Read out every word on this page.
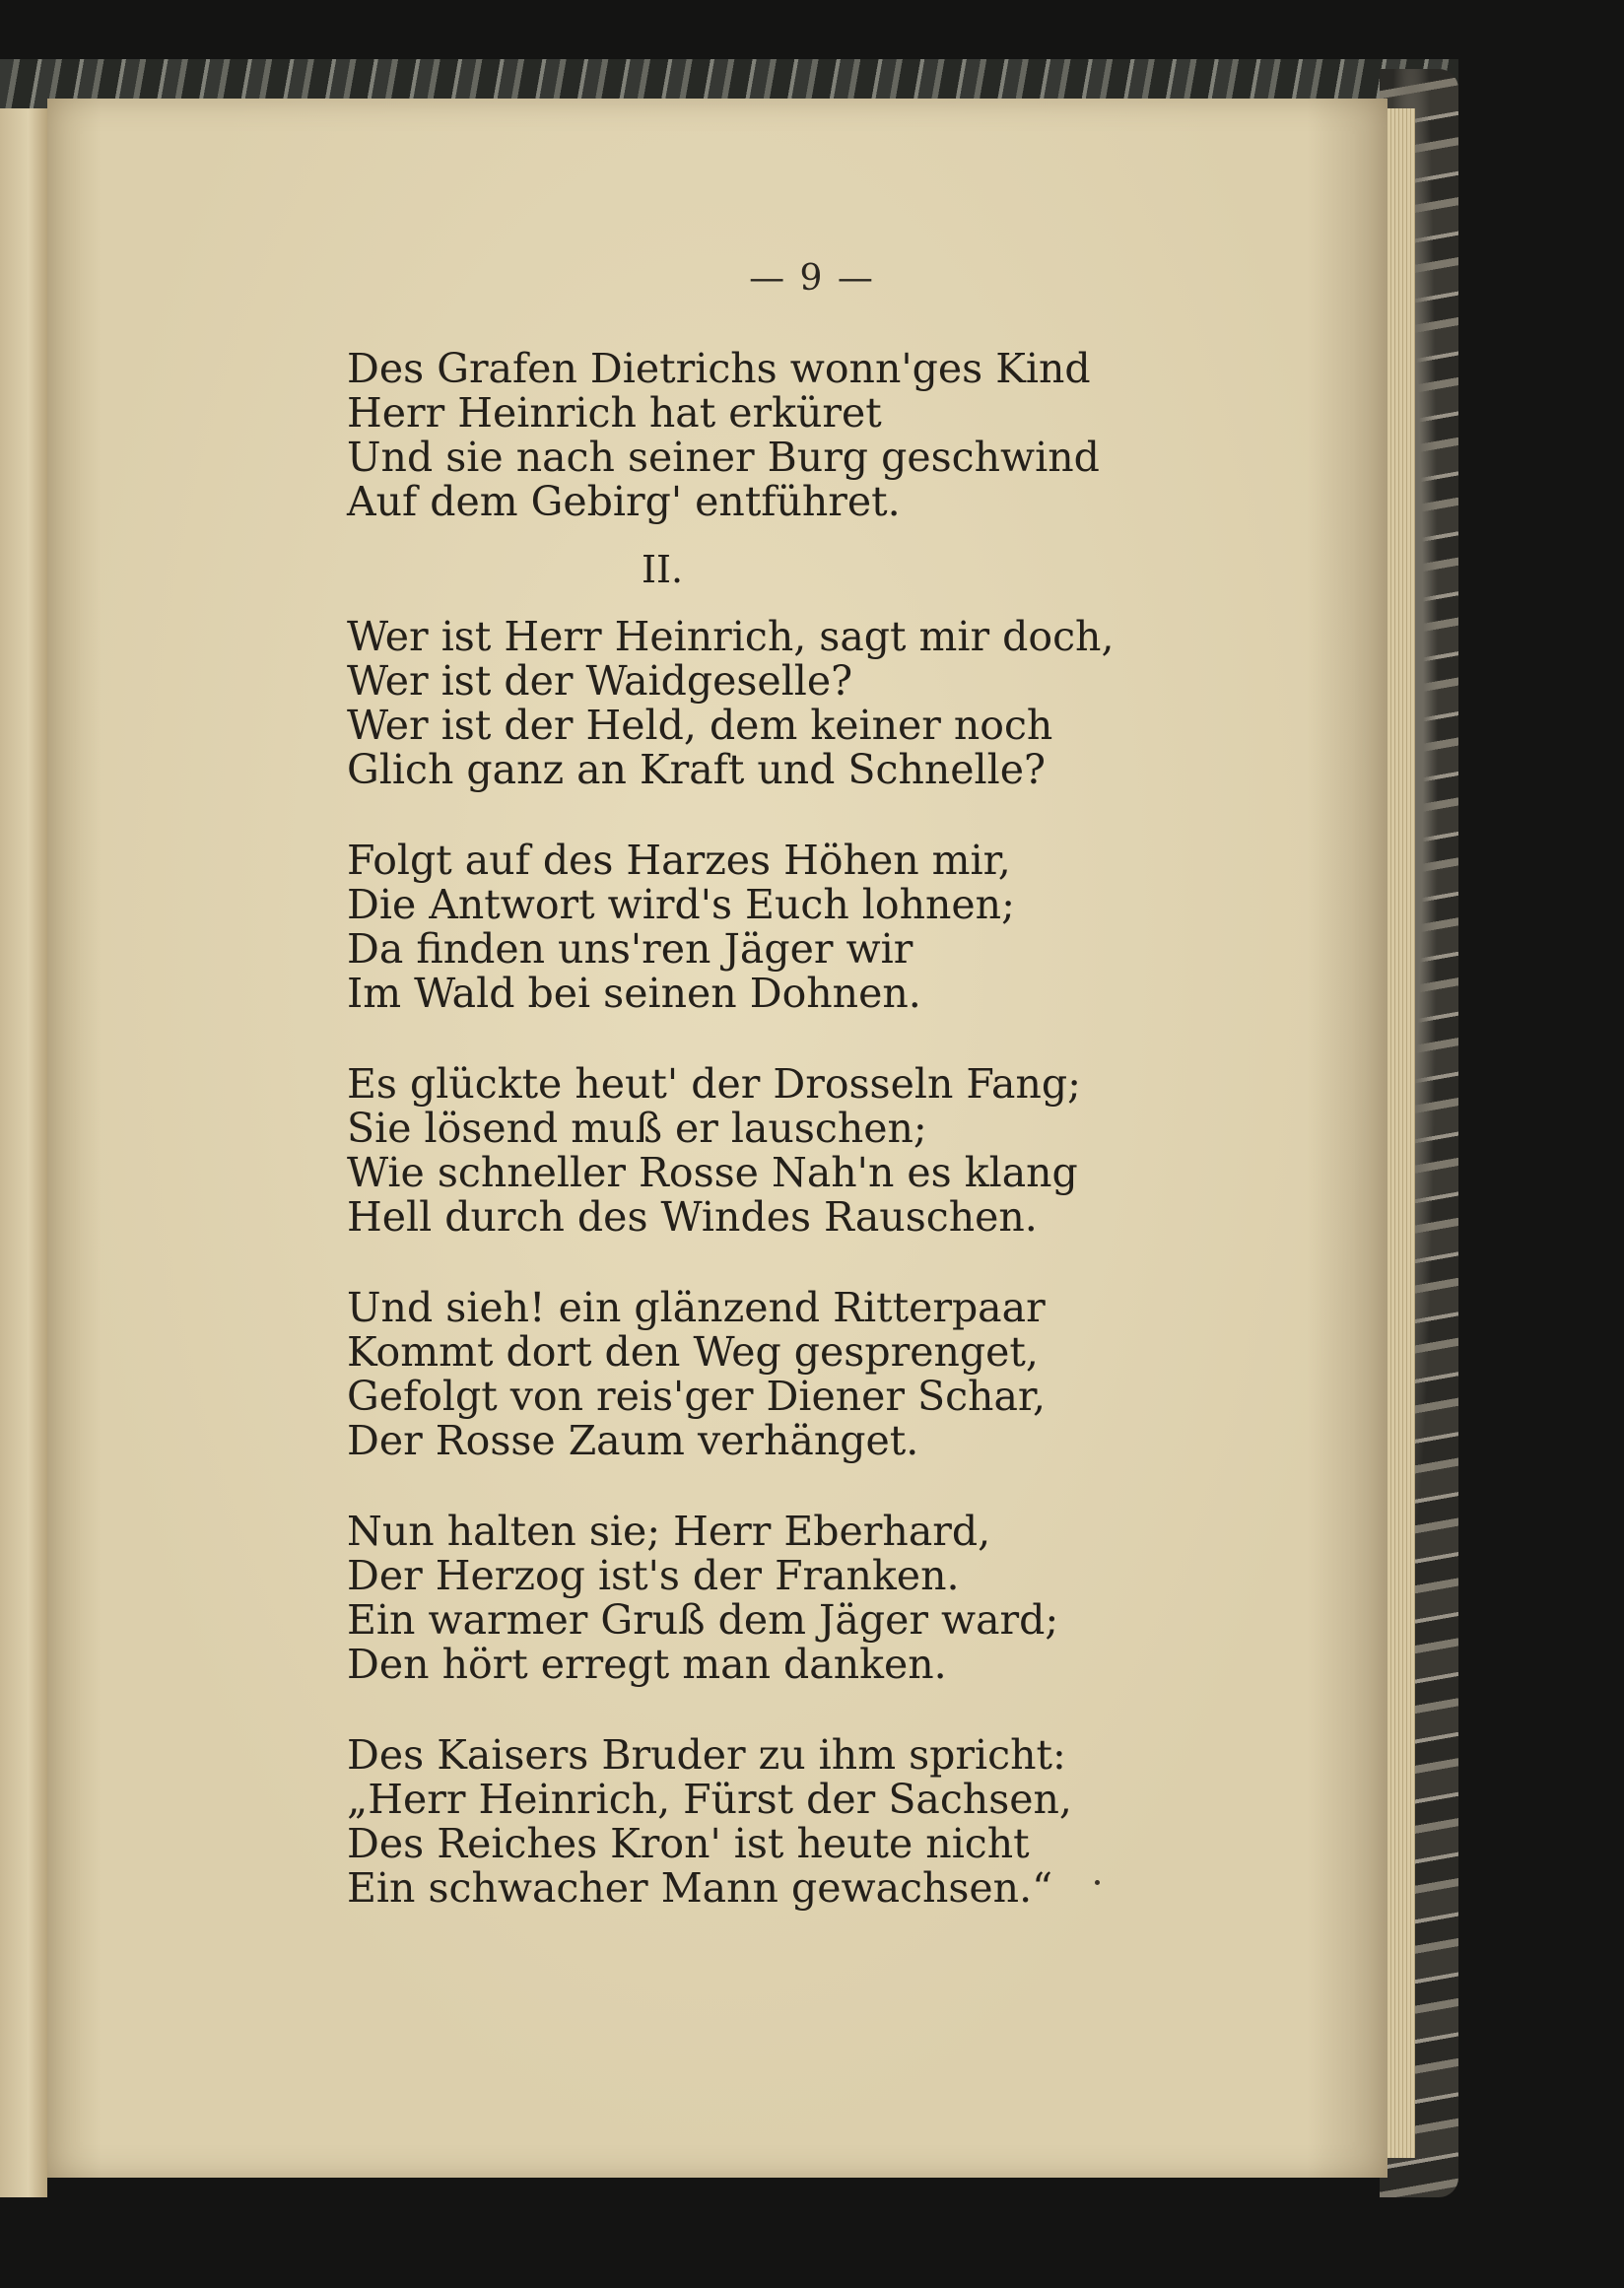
— 9 —
Des Grafen Dietrichs wonn'ges Kind
Herr Heinrich hat erküret
Und sie nach seiner Burg geschwind
Auf dem Gebirg' entführet.
II.
Wer ist Herr Heinrich, sagt mir doch,
Wer ist der Waidgeselle?
Wer ist der Held, dem keiner noch
Glich ganz an Kraft und Schnelle?
Folgt auf des Harzes Höhen mir,
Die Antwort wird's Euch lohnen;
Da finden uns'ren Jäger wir
Im Wald bei seinen Dohnen.
Es glückte heut' der Drosseln Fang;
Sie lösend muß er lauschen;
Wie schneller Rosse Nah'n es klang
Hell durch des Windes Rauschen.
Und sieh! ein glänzend Ritterpaar
Kommt dort den Weg gesprenget,
Gefolgt von reis'ger Diener Schar,
Der Rosse Zaum verhänget.
Nun halten sie; Herr Eberhard,
Der Herzog ist's der Franken.
Ein warmer Gruß dem Jäger ward;
Den hört erregt man danken.
Des Kaisers Bruder zu ihm spricht:
„Herr Heinrich, Fürst der Sachsen,
Des Reiches Kron' ist heute nicht
Ein schwacher Mann gewachsen.“
